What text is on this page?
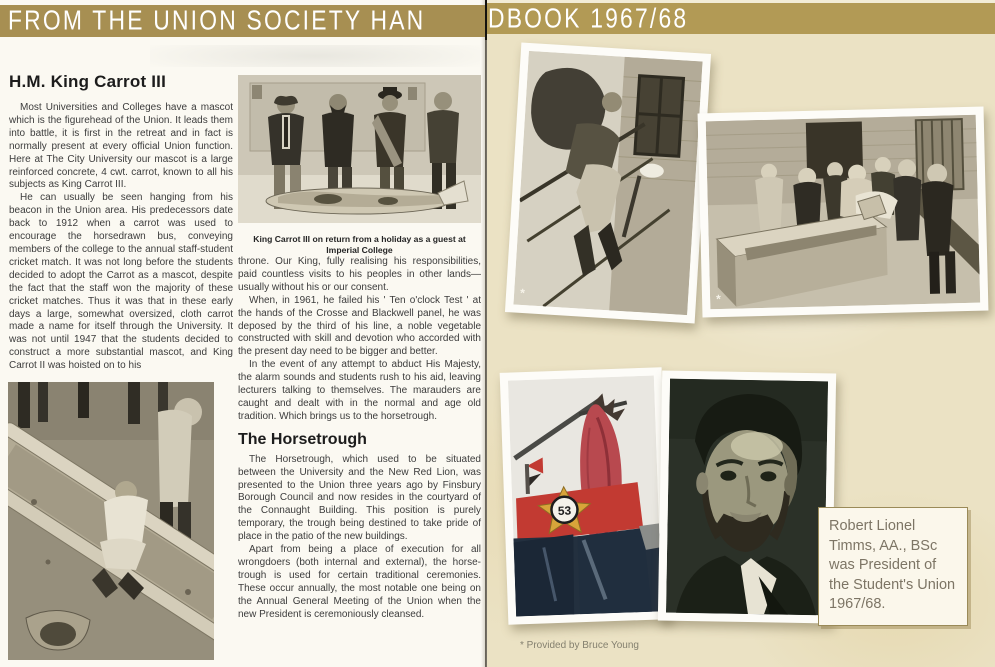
H.M. King Carrot III

Most Universities and Colleges have a mascot which is the figurehead of the Union. It leads them into battle, it is first in the retreat and in fact is normally present at every official Union function. Here at The City University our mascot is a large reinforced concrete, 4 cwt. carrot, known to all his subjects as King Carrot III.

He can usually be seen hanging from his beacon in the Union area. His predecessors date back to 1912 when a carrot was used to encourage the horsedrawn bus, conveying members of the college to the annual staff-student cricket match. It was not long before the students decided to adopt the Carrot as a mascot, despite the fact that the staff won the majority of these cricket matches. Thus it was that in these early days a large, somewhat oversized, cloth carrot made a name for itself through the University. It was not until 1947 that the students decided to construct a more substantial mascot, and King Carrot II was hoisted on to his

King Carrot III on return from a holiday as a guest at Imperial College

throne. Our King, fully realising his responsibilities, paid countless visits to his peoples in other lands—usually without his or our consent.

When, in 1961, he failed his ' Ten o'clock Test ' at the hands of the Crosse and Blackwell panel, he was deposed by the third of his line, a noble vegetable constructed with skill and devotion who accorded with the present day need to be bigger and better.

In the event of any attempt to abduct His Majesty, the alarm sounds and students rush to his aid, leaving lecturers talking to themselves. The marauders are caught and dealt with in the normal and age old tradition. Which brings us to the horsetrough.

The Horsetrough

The Horsetrough, which used to be situated between the University and the New Red Lion, was presented to the Union three years ago by Finsbury Borough Council and now resides in the courtyard of the Connaught Building. This position is purely temporary, the trough being destined to take pride of place in the patio of the new buildings.

Apart from being a place of execution for all wrongdoers (both internal and external), the horse-trough is used for certain traditional ceremonies. These occur annually, the most notable one being on the Annual General Meeting of the Union when the new President is ceremoniously cleansed.

*	*
53
Robert Lionel Timms, AA., BSc was President of the Student's Union 1967/68.
* Provided by Bruce Young
FROM THE UNION SOCIETY HAN	DBOOK 1967/68
